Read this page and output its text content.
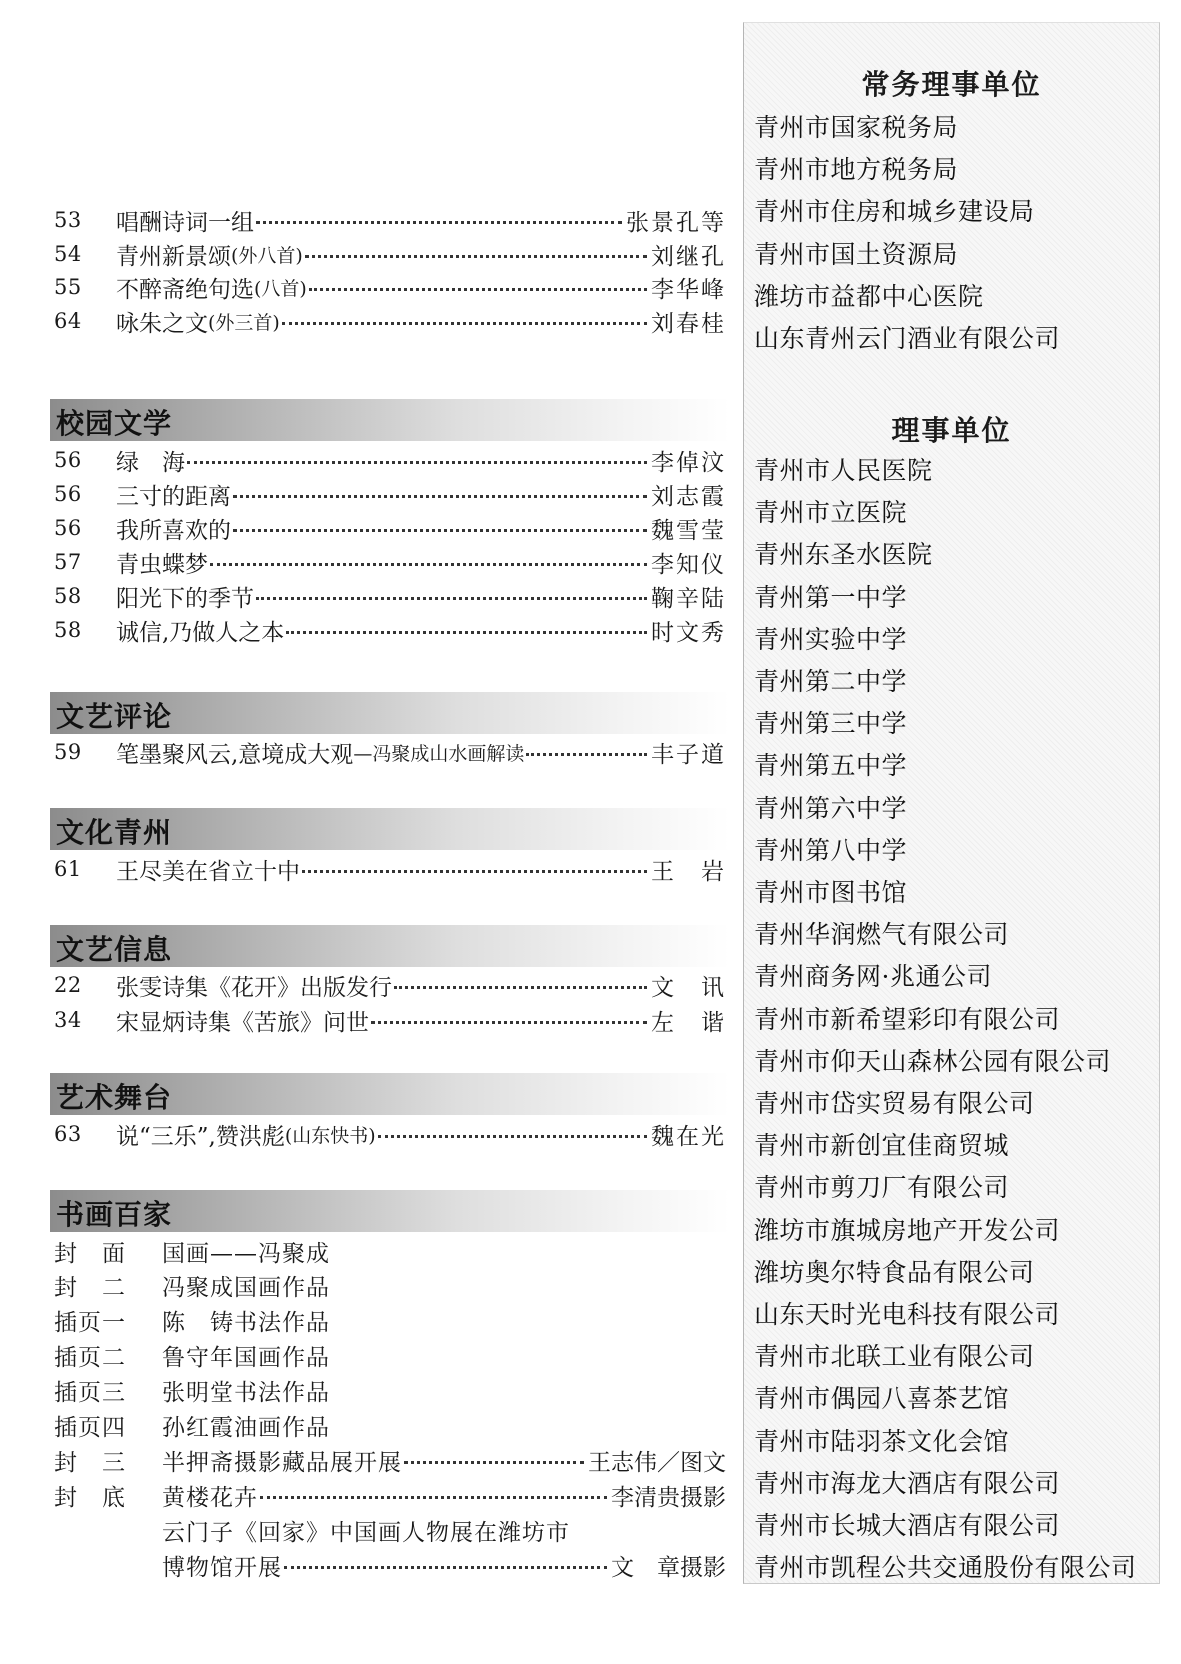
53	唱酬诗词一组	张景孔等
54	青州新景颂 (外八首)	刘继孔
55	不醉斋绝句选 (八首)	李华峰
64	咏朱之文 (外三首)	刘春桂
校园文学
56	绿　海	李倬汶
56	三寸的距离	刘志霞
56	我所喜欢的	魏雪莹
57	青虫蝶梦	李知仪
58	阳光下的季节	鞠辛陆
58	诚信,乃做人之本	时文秀
文艺评论
59	笔墨聚风云,意境成大观 —冯聚成山水画解读	丰子道
文化青州
61	王尽美在省立十中	王　岩
文艺信息
22	张雯诗集《花开》出版发行	文　讯
34	宋显炳诗集《苦旅》问世	左　谐
艺术舞台
63	说“三乐”,赞洪彪 (山东快书)	魏在光
书画百家
封　面	国画——冯聚成
封　二	冯聚成国画作品
插页一	陈　铸书法作品
插页二	鲁守年国画作品
插页三	张明堂书法作品
插页四	孙红霞油画作品
封　三	半押斋摄影藏品展开展	王志伟／图文
封　底	黄楼花卉	李清贵摄影
云门子《回家》中国画人物展在潍坊市
博物馆开展	文　章摄影
常务理事单位
青州市国家税务局
青州市地方税务局
青州市住房和城乡建设局
青州市国土资源局
潍坊市益都中心医院
山东青州云门酒业有限公司
理事单位
青州市人民医院
青州市立医院
青州东圣水医院
青州第一中学
青州实验中学
青州第二中学
青州第三中学
青州第五中学
青州第六中学
青州第八中学
青州市图书馆
青州华润燃气有限公司
青州商务网·兆通公司
青州市新希望彩印有限公司
青州市仰天山森林公园有限公司
青州市岱实贸易有限公司
青州市新创宜佳商贸城
青州市剪刀厂有限公司
潍坊市旗城房地产开发公司
潍坊奥尔特食品有限公司
山东天时光电科技有限公司
青州市北联工业有限公司
青州市偶园八喜茶艺馆
青州市陆羽茶文化会馆
青州市海龙大酒店有限公司
青州市长城大酒店有限公司
青州市凯程公共交通股份有限公司
